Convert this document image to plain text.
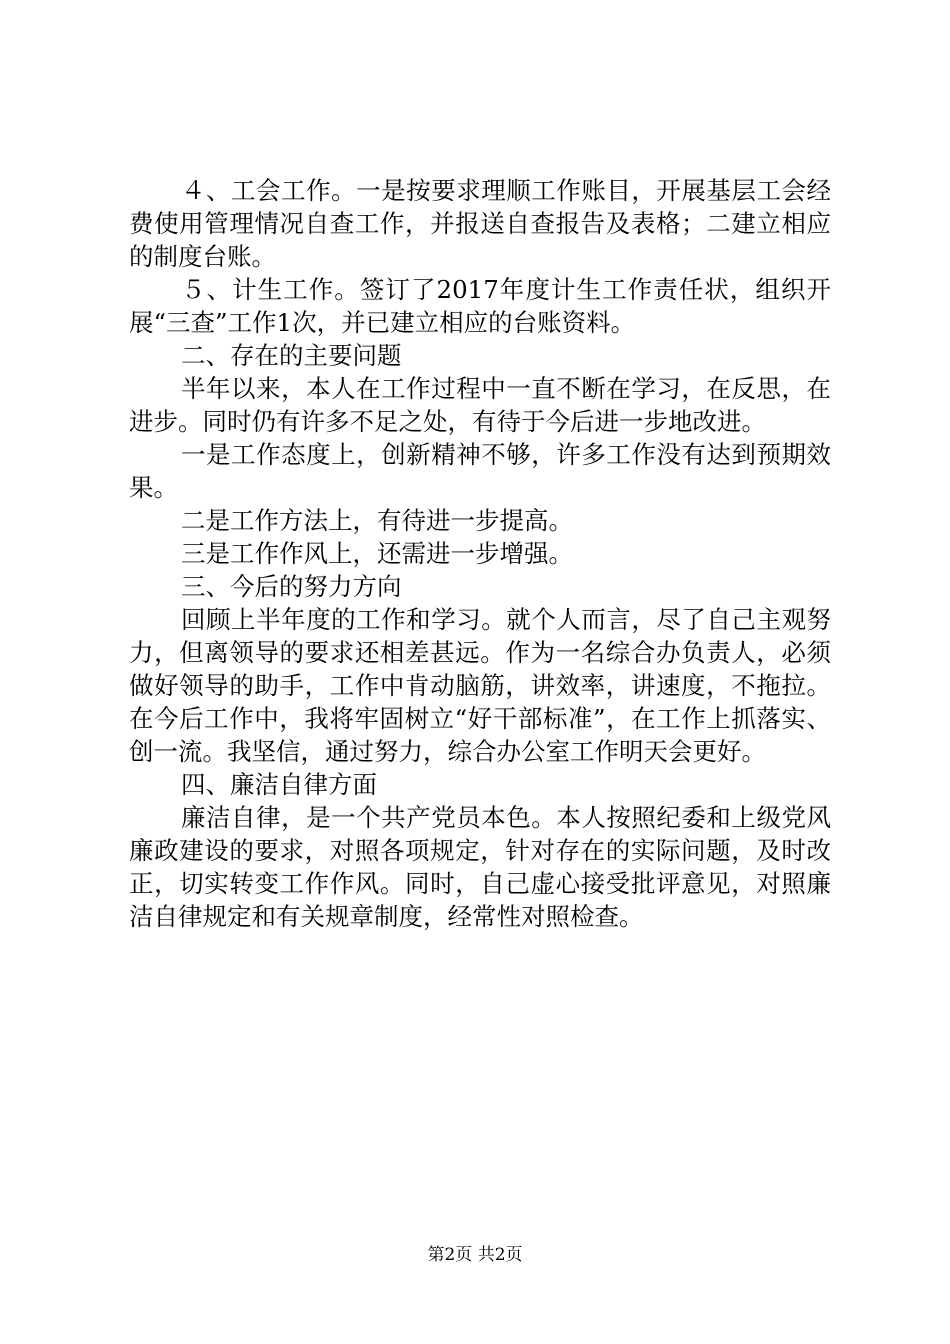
４、工会工作。一是按要求理顺工作账目，开展基层工会经费使用管理情况自查工作，并报送自查报告及表格；二建立相应的制度台账。

５、计生工作。签订了2017年度计生工作责任状，组织开展“三查”工作1次，并已建立相应的台账资料。

二、存在的主要问题

半年以来，本人在工作过程中一直不断在学习，在反思，在进步。同时仍有许多不足之处，有待于今后进一步地改进。

一是工作态度上，创新精神不够，许多工作没有达到预期效果。

二是工作方法上，有待进一步提高。

三是工作作风上，还需进一步增强。

三、今后的努力方向

回顾上半年度的工作和学习。就个人而言，尽了自己主观努力，但离领导的要求还相差甚远。作为一名综合办负责人，必须做好领导的助手，工作中肯动脑筋，讲效率，讲速度，不拖拉。在今后工作中，我将牢固树立“好干部标准”，在工作上抓落实、创一流。我坚信，通过努力，综合办公室工作明天会更好。

四、廉洁自律方面

廉洁自律，是一个共产党员本色。本人按照纪委和上级党风廉政建设的要求，对照各项规定，针对存在的实际问题，及时改正，切实转变工作作风。同时，自己虚心接受批评意见，对照廉洁自律规定和有关规章制度，经常性对照检查。

第2页 共2页
